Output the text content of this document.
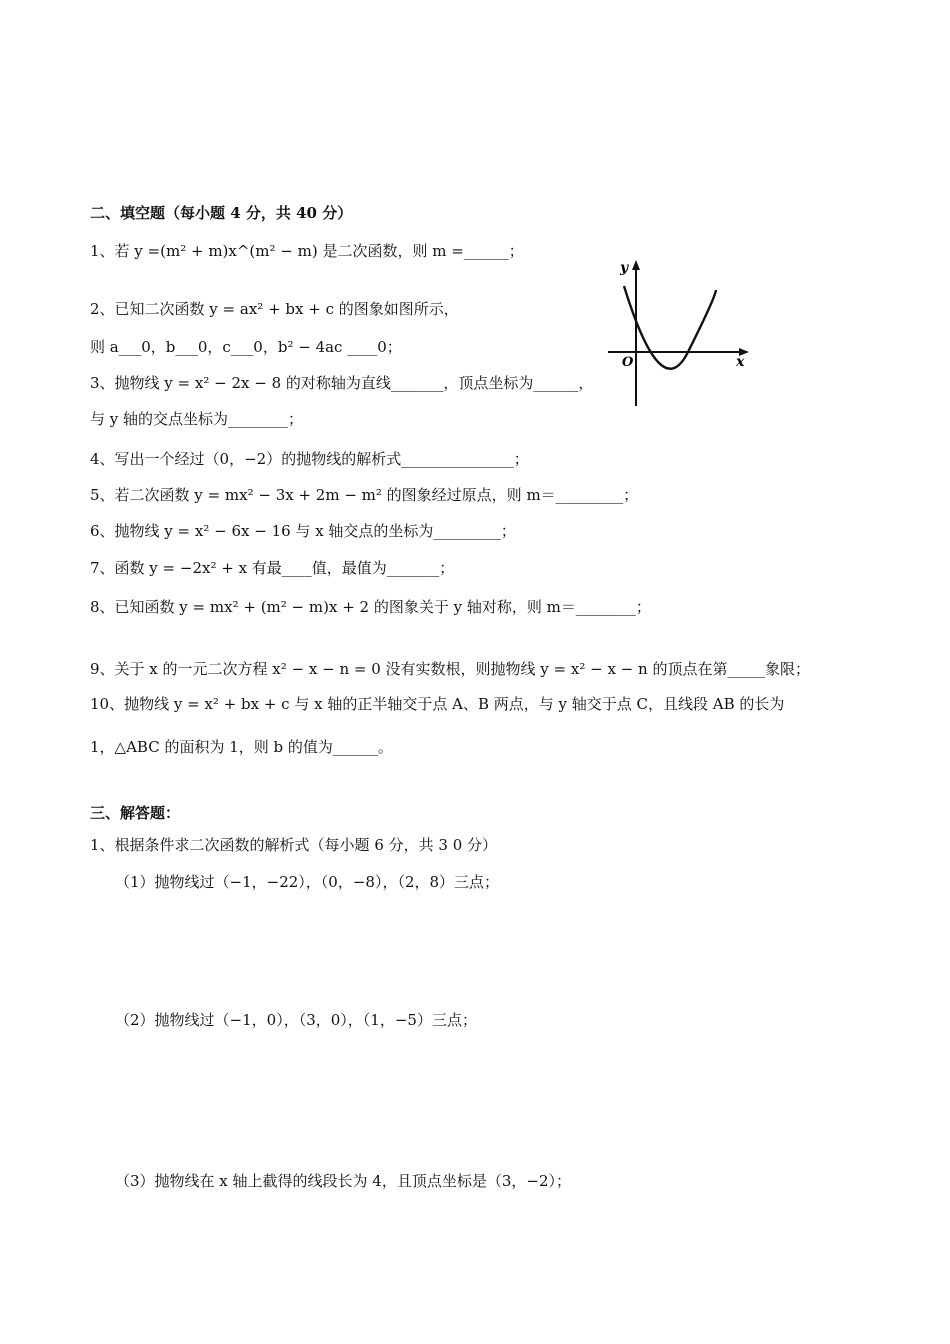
二、填空题（每小题 4 分，共 40 分）
1、若 y =(m² + m)x^(m² − m) 是二次函数，则 m =______；
2、已知二次函数 y = ax² + bx + c 的图象如图所示，
则 a___0，b___0，c___0，b² − 4ac ____0；
3、抛物线 y = x² − 2x − 8 的对称轴为直线_______，顶点坐标为______，
与 y 轴的交点坐标为________；
4、写出一个经过（0，−2）的抛物线的解析式_______________；
5、若二次函数 y = mx² − 3x + 2m − m² 的图象经过原点，则 m＝_________；
6、抛物线 y = x² − 6x − 16 与 x 轴交点的坐标为_________；
7、函数 y = −2x² + x 有最____值，最值为_______；
8、已知函数 y = mx² + (m² − m)x + 2 的图象关于 y 轴对称，则 m＝________；
9、关于 x 的一元二次方程 x² − x − n = 0 没有实数根，则抛物线 y = x² − x − n 的顶点在第_____象限；
10、抛物线 y = x² + bx + c 与 x 轴的正半轴交于点 A、B 两点，与 y 轴交于点 C，且线段 AB 的长为
1，△ABC 的面积为 1，则 b 的值为______。
y
x
O
三、解答题：
1、根据条件求二次函数的解析式（每小题 6 分，共 3 0 分）
（1）抛物线过（−1，−22），（0，−8），（2，8）三点；
（2）抛物线过（−1，0），（3，0），（1，−5）三点；
（3）抛物线在 x 轴上截得的线段长为 4，且顶点坐标是（3，−2）；
